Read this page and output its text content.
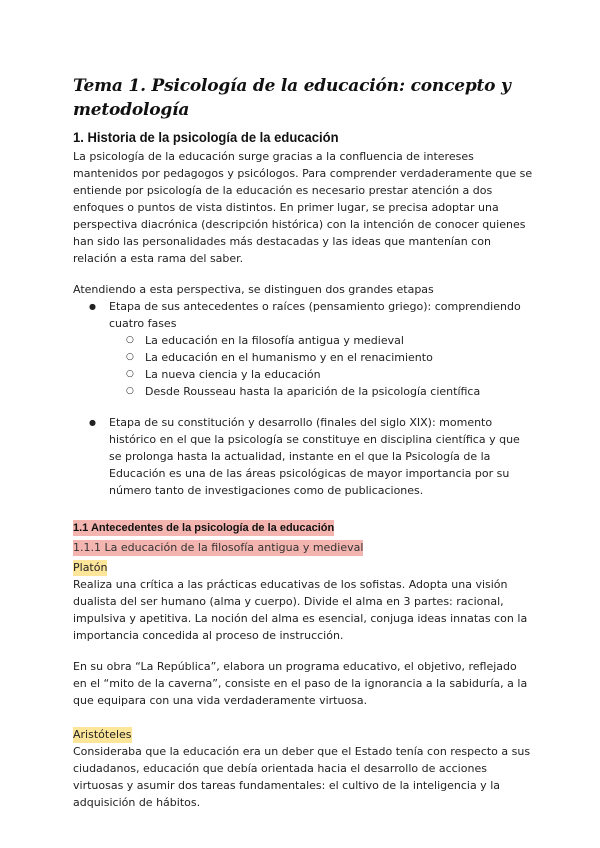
Tema 1. Psicología de la educación: concepto y metodología
1. Historia de la psicología de la educación

La psicología de la educación surge gracias a la confluencia de intereses mantenidos por pedagogos y psicólogos. Para comprender verdaderamente que se entiende por psicología de la educación es necesario prestar atención a dos enfoques o puntos de vista distintos. En primer lugar, se precisa adoptar una perspectiva diacrónica (descripción histórica) con la intención de conocer quienes han sido las personalidades más destacadas y las ideas que mantenían con relación a esta rama del saber.

Atendiendo a esta perspectiva, se distinguen dos grandes etapas

● Etapa de sus antecedentes o raíces (pensamiento griego): comprendiendo cuatro fases
○ La educación en la filosofía antigua y medieval
○ La educación en el humanismo y en el renacimiento
○ La nueva ciencia y la educación
○ Desde Rousseau hasta la aparición de la psicología científica
● Etapa de su constitución y desarrollo (finales del siglo XIX): momento histórico en el que la psicología se constituye en disciplina científica y que se prolonga hasta la actualidad, instante en el que la Psicología de la Educación es una de las áreas psicológicas de mayor importancia por su número tanto de investigaciones como de publicaciones.
1.1 Antecedentes de la psicología de la educación
1.1.1 La educación de la filosofía antigua y medieval
Platón

Realiza una crítica a las prácticas educativas de los sofistas. Adopta una visión dualista del ser humano (alma y cuerpo). Divide el alma en 3 partes: racional, impulsiva y apetitiva. La noción del alma es esencial, conjuga ideas innatas con la importancia concedida al proceso de instrucción.

En su obra “La República”, elabora un programa educativo, el objetivo, reflejado en el “mito de la caverna”, consiste en el paso de la ignorancia a la sabiduría, a la que equipara con una vida verdaderamente virtuosa.

Aristóteles

Consideraba que la educación era un deber que el Estado tenía con respecto a sus ciudadanos, educación que debía orientada hacia el desarrollo de acciones virtuosas y asumir dos tareas fundamentales: el cultivo de la inteligencia y la adquisición de hábitos.
